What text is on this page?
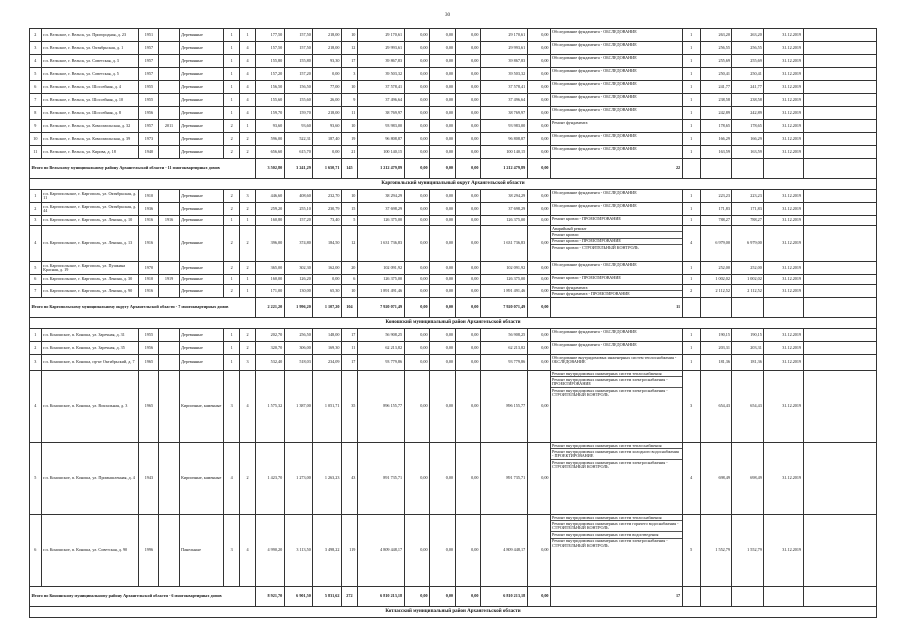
30
2	г.п. Вельское, г. Вельск, ул. Пригородная, д. 23	1951		Деревянные	1	1	177,50	157,50	218,00	10	29 170,61	0,00	0,00	0,00	29 170,61	0,00	Обследование фундамента - ОБСЛЕДОВАНИЕ	1	263,20	263,20	31.12.2019	
3	г.п. Вельское, г. Вельск, ул. Октябрьская, д. 1	1957		Деревянные	1	4	157,50	157,50	218,00	12	29 993,61	0,00	0,00	0,00	29 993,61	0,00	Обследование фундамента - ОБСЛЕДОВАНИЕ	1	256,55	256,55	31.12.2019	
4	г.п. Вельское, г. Вельск, ул. Советская, д. 3	1957		Деревянные	1	4	155,80	155,80	93,30	17	39 867,83	0,00	0,00	0,00	39 867,83	0,00	Обследование фундамента - ОБСЛЕДОВАНИЕ	1	255,69	255,69	31.12.2019	
5	г.п. Вельское, г. Вельск, ул. Советская, д. 5	1957		Деревянные	1	4	157,20	157,20	0,00	3	39 503,32	0,00	0,00	0,00	39 503,32	0,00	Обследование фундамента - ОБСЛЕДОВАНИЕ	1	250,41	250,41	31.12.2019	
6	г.п. Вельское, г. Вельск, ул. Шоссейная, д. 4	1955		Деревянные	1	4	156,50	156,50	77,00	10	37 578,41	0,00	0,00	0,00	37 578,41	0,00	Обследование фундамента - ОБСЛЕДОВАНИЕ	1	241,77	241,77	31.12.2019	
7	г.п. Вельское, г. Вельск, ул. Шоссейная, д. 10	1955		Деревянные	1	4	155,60	155,60	26,00	9	37 496,64	0,00	0,00	0,00	37 496,64	0,00	Обследование фундамента - ОБСЛЕДОВАНИЕ	1	238,58	238,58	31.12.2019	
8	г.п. Вельское, г. Вельск, ул. Шоссейная, д. 8	1956		Деревянные	1	4	159,70	159,70	218,00	11	38 769,97	0,00	0,00	0,00	38 769,97	0,00	Обследование фундамента - ОБСЛЕДОВАНИЕ	1	242,89	242,89	31.12.2019	
9	г.п. Вельское, г. Вельск, ул. Комсомольская, д. 32	1957	2011	Деревянные	2	1	93,60	93,60	93,60	10	93 983,00	0,00	0,00	0,00	93 983,00	0,00	Ремонт фундамента	1	178,65	178,65	31.12.2019	
10	г.п. Вельское, г. Вельск, ул. Комсомольская, д. 39	1973		Деревянные	2	2	596,00	522,31	187,40	19	96 808,87	0,00	0,00	0,00	96 808,87	0,00	Обследование фундамента - ОБСЛЕДОВАНИЕ	1	166,29	166,29	31.12.2019	
11	г.п. Вельское, г. Вельск, ул. Кирова, д. 18	1940		Деревянные	2	2	656,60	615,70	0,00	21	100 140,15	0,00	0,00	0,00	100 140,15	0,00	Обследование фундамента - ОБСЛЕДОВАНИЕ	1	163,59	163,59	31.12.2019	
Итого по Вельскому муниципальному району Архангельской области - 11 многоквартирных домов							3 502,80	3 241,29	1 650,71	145	1 212 479,89	0,00	0,00	0,00	1 212 479,89	0,00	22					
Каргопольский муниципальный округ Архангельской области																						
1	г.п. Каргопольское, г. Каргополь, ул. Октябрьская, д. 11	1910		Деревянные	2	3	446,60	408,60	232,70	10	38 294,29	0,00	0,00	0,00	38 294,29	0,00	Обследование фундамента - ОБСЛЕДОВАНИЕ	1	223,23	223,23	31.12.2019	
2	г.п. Каргопольское, г. Каргополь, ул. Октябрьская, д. 44	1936		Деревянные	2	2	259,20	255,10	230,79	15	37 698,29	0,00	0,00	0,00	37 698,29	0,00	Обследование фундамента - ОБСЛЕДОВАНИЕ	1	171,83	171,83	31.12.2019	
3	г.п. Каргопольское, г. Каргополь, ул. Ленина, д. 10	1916	1916	Деревянные	1	1	160,80	157,20	73,40	5	126 375,00	0,00	0,00	0,00	126 375,00	0,00	Ремонт кровли - ПРОЕКТИРОВАНИЕ	1	788,27	788,27	31.12.2019	
4	г.п. Каргопольское, г. Каргополь, ул. Ленина, д. 13	1916		Деревянные	2	2	396,00	374,80	184,50	12	1 631 736,83	0,00	0,00	0,00	1 631 736,83	0,00	Аварийный ремонт
Ремонт кровли
Ремонт кровли - ПРОЕКТИРОВАНИЕ
Ремонт кровли - СТРОИТЕЛЬНЫЙ КОНТРОЛЬ	4	6 979,00	6 979,00	31.12.2019	
5	г.п. Каргопольское, г. Каргополь, ул. Пушкина Красная, д. 19	1970		Деревянные	2	2	365,00	302,30	162,00	20	102 091,92	0,00	0,00	0,00	102 091,92	0,00	Обследование фундамента - ОБСЛЕДОВАНИЕ	1	252,00	252,00	31.12.2019	
6	г.п. Каргопольское, г. Каргополь, ул. Ленина, д. 30	1910	1919	Деревянные	1	1	160,00	126,20	0,00	6	126 375,00	0,00	0,00	0,00	126 375,00	0,00	Ремонт кровли - ПРОЕКТИРОВАНИЕ	1	1 002,02	1 002,02	31.12.2019	
7	г.п. Каргопольское, г. Каргополь, ул. Ленина, д. 90	1916		Деревянные	2	1	171,00	130,00	65,30	10	1 891 491,46	0,00	0,00	0,00	1 891 491,46	0,00	Ремонт фундамента
Ремонт фундамента - ПРОЕКТИРОВАНИЕ	2	2 112,52	2 112,52	31.12.2019	
Итого по Каргопольскому муниципальному округу Архангельской области - 7 многоквартирных домов							2 221,20	1 996,20	1 107,20	104	7 920 071,49	0,00	0,00	0,00	7 920 071,49	0,00	11					
Коношский муниципальный район Архангельской области																						
1	г.п. Коношское, п. Коноша, ул. Заречная, д. 31	1955		Деревянные	1	2	202,70	256,50	148,00	17	56 908,25	0,00	0,00	0,00	56 908,25	0,00	Обследование фундамента - ОБСЛЕДОВАНИЕ	1	190,15	190,15	31.12.2019	
2	г.п. Коношское, п. Коноша, ул. Заречная, д. 35	1956		Деревянные	1	2	320,70	306,00	169,30	11	62 213,82	0,00	0,00	0,00	62 213,82	0,00	Обследование фундамента - ОБСЛЕДОВАНИЕ	1	203,31	203,31	31.12.2019	
3	г.п. Коношское, п. Коноша, пр-кт Октябрьский, д. 7	1965		Деревянные	1	3	532,40	518,03	234,09	17	93 779,86	0,00	0,00	0,00	93 779,86	0,00	Обследование внутридомовых инженерных систем теплоснабжения - ОБСЛЕДОВАНИЕ	1	181,36	181,36	31.12.2019	
4	г.п. Коношское, п. Коноша, ул. Вокзальная, д. 3	1965		Кирпичные, каменные	3	4	1 575,32	1 387,00	1 051,71	35	896 155,77	0,00	0,00	0,00	896 155,77	0,00	Ремонт внутридомовых инженерных систем теплоснабжения
Ремонт внутридомовых инженерных систем электроснабжения - ПРОЕКТИРОВАНИЕ
Ремонт внутридомовых инженерных систем электроснабжения - СТРОИТЕЛЬНЫЙ КОНТРОЛЬ	3	654,43	654,43	31.12.2019	
5	г.п. Коношское, п. Коноша, ул. Промышленная, д. 4	1943		Кирпичные, каменные	4	2	1 423,70	1 273,00	1 263,23	43	891 735,71	0,00	0,00	0,00	891 735,71	0,00	Ремонт внутридомовых инженерных систем теплоснабжения
Ремонт внутридомовых инженерных систем холодного водоснабжения - ПРОЕКТИРОВАНИЕ
Ремонт внутридомовых инженерных систем электроснабжения - СТРОИТЕЛЬНЫЙ КОНТРОЛЬ	4	698,49	698,49	31.12.2019	
6	г.п. Коношское, п. Коноша, ул. Советская, д. 90	1996		Панельные	3	4	4 990,20	3 113,50	3 498,22	119	4 809 448,17	0,00	0,00	0,00	4 809 448,17	0,00	Ремонт внутридомовых инженерных систем теплоснабжения
Ремонт внутридомовых инженерных систем горячего водоснабжения - СТРОИТЕЛЬНЫЙ КОНТРОЛЬ
Ремонт внутридомовых инженерных систем водоотведения
Ремонт внутридомовых инженерных систем электроснабжения - СТРОИТЕЛЬНЫЙ КОНТРОЛЬ	5	1 552,79	1 552,79	31.12.2019	
Итого по Коношскому муниципальному району Архангельской области - 6 многоквартирных домов							8 921,70	6 901,50	5 831,62	272	6 810 213,18	0,00	0,00	0,00	6 810 213,18	0,00	17					
Котласский муниципальный район Архангельской области																						
